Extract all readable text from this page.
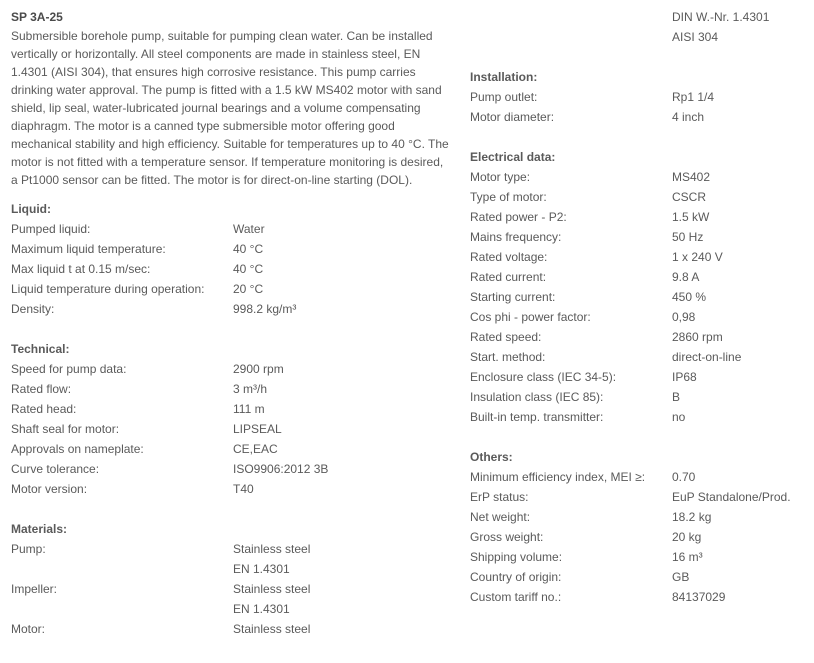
SP 3A-25

Submersible borehole pump, suitable for pumping clean water. Can be installed vertically or horizontally. All steel components are made in stainless steel, EN 1.4301 (AISI 304), that ensures high corrosive resistance. This pump carries drinking water approval. The pump is fitted with a 1.5 kW MS402 motor with sand shield, lip seal, water-lubricated journal bearings and a volume compensating diaphragm. The motor is a canned type submersible motor offering good mechanical stability and high efficiency. Suitable for temperatures up to 40 °C. The motor is not fitted with a temperature sensor. If temperature monitoring is desired, a Pt1000 sensor can be fitted. The motor is for direct-on-line starting (DOL).

Liquid:
Pumped liquid:	Water
Maximum liquid temperature:	40 °C
Max liquid t at 0.15 m/sec:	40 °C
Liquid temperature during operation:	20 °C
Density:	998.2 kg/m³
Technical:
Speed for pump data:	2900 rpm
Rated flow:	3 m³/h
Rated head:	111 m
Shaft seal for motor:	LIPSEAL
Approvals on nameplate:	CE,EAC
Curve tolerance:	ISO9906:2012 3B
Motor version:	T40
Materials:
Pump:	Stainless steel
EN 1.4301
Impeller:	Stainless steel
EN 1.4301
Motor:	Stainless steel
DIN W.-Nr. 1.4301
AISI 304
Installation:
Pump outlet:	Rp1 1/4
Motor diameter:	4 inch
Electrical data:
Motor type:	MS402
Type of motor:	CSCR
Rated power - P2:	1.5 kW
Mains frequency:	50 Hz
Rated voltage:	1 x 240 V
Rated current:	9.8 A
Starting current:	450 %
Cos phi - power factor:	0,98
Rated speed:	2860 rpm
Start. method:	direct-on-line
Enclosure class (IEC 34-5):	IP68
Insulation class (IEC 85):	B
Built-in temp. transmitter:	no
Others:
Minimum efficiency index, MEI ≥:	0.70
ErP status:	EuP Standalone/Prod.
Net weight:	18.2 kg
Gross weight:	20 kg
Shipping volume:	16 m³
Country of origin:	GB
Custom tariff no.:	84137029
